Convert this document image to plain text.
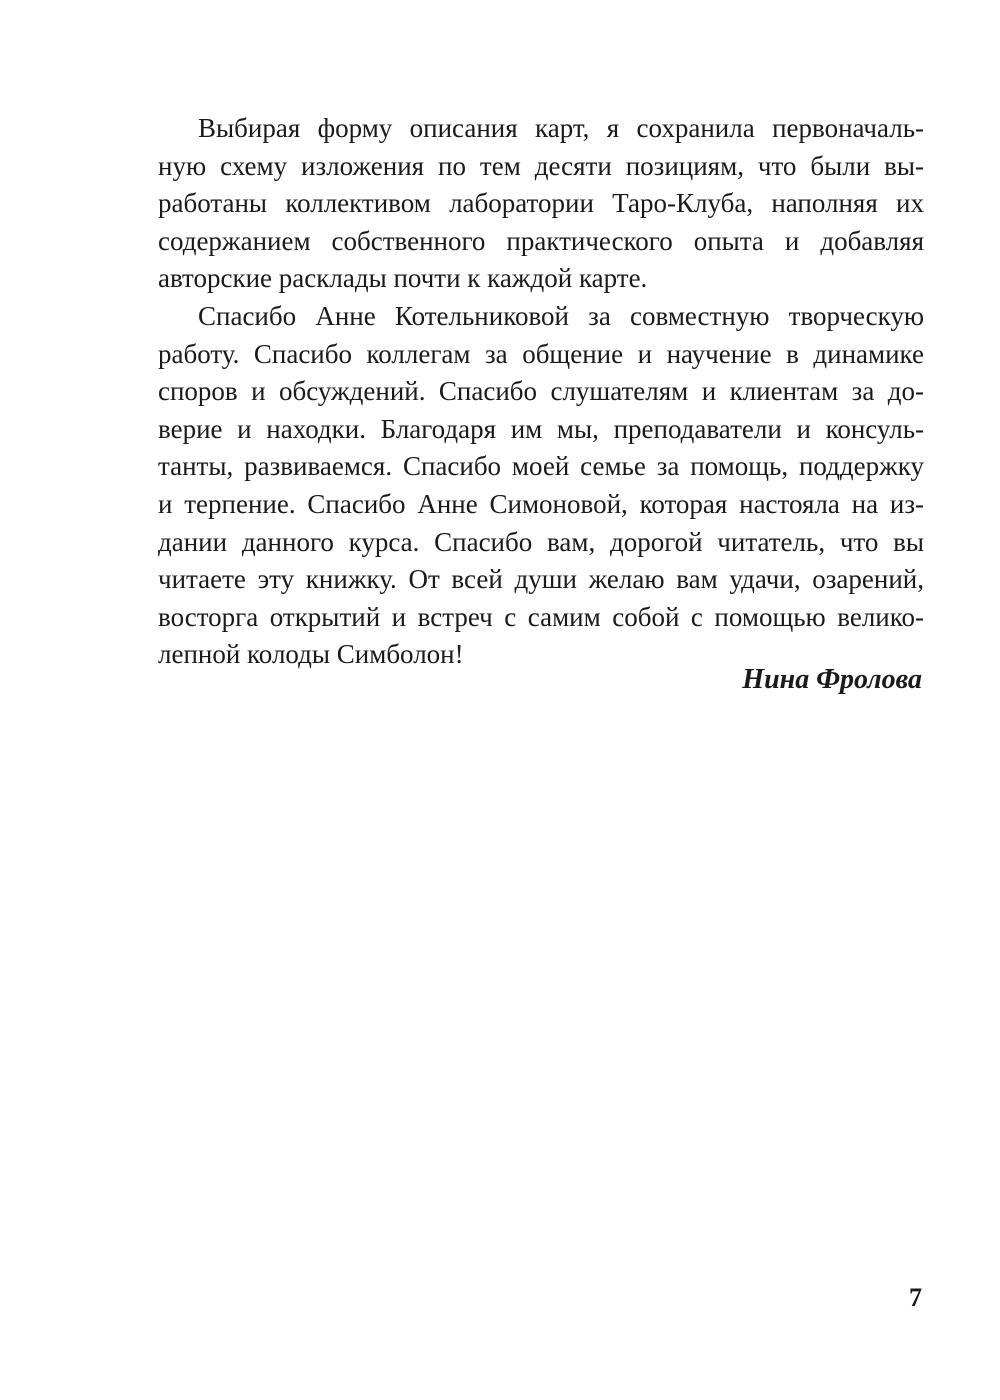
Выбирая форму описания карт, я сохранила первоначаль-
ную схему изложения по тем десяти позициям, что были вы-
работаны коллективом лаборатории Таро-Клуба, наполняя их
содержанием собственного практического опыта и добавляя
авторские расклады почти к каждой карте.

Спасибо Анне Котельниковой за совместную творческую
работу. Спасибо коллегам за общение и научение в динамике
споров и обсуждений. Спасибо слушателям и клиентам за до-
верие и находки. Благодаря им мы, преподаватели и консуль-
танты, развиваемся. Спасибо моей семье за помощь, поддержку
и терпение. Спасибо Анне Симоновой, которая настояла на из-
дании данного курса. Спасибо вам, дорогой читатель, что вы
читаете эту книжку. От всей души желаю вам удачи, озарений,
восторга открытий и встреч с самим собой с помощью велико-
лепной колоды Симболон!

Нина Фролова
7
